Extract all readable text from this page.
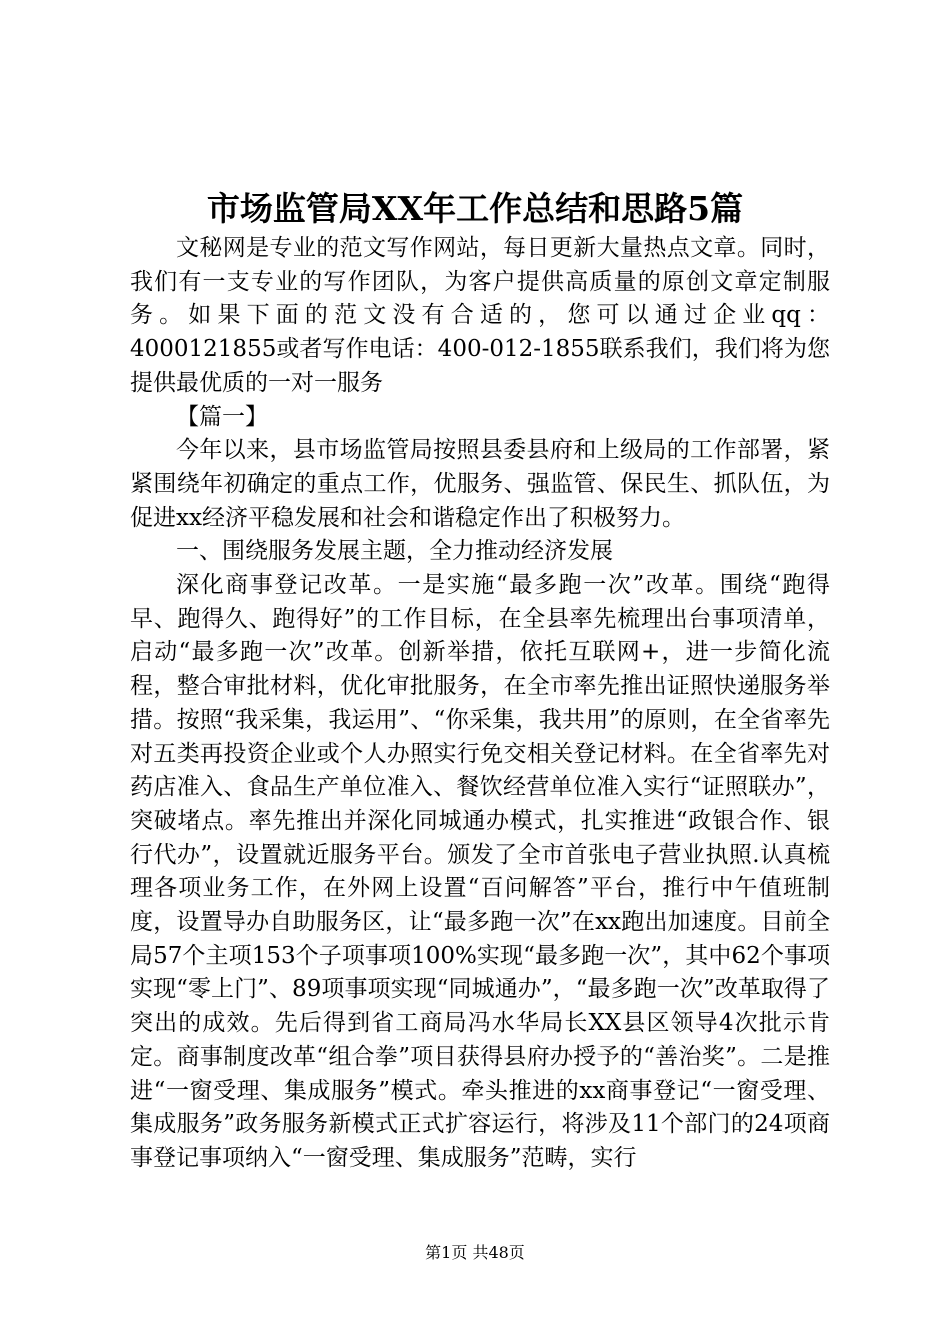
市场监管局XX年工作总结和思路5篇

文秘网是专业的范文写作网站，每日更新大量热点文章。同时，我们有一支专业的写作团队，为客户提供高质量的原创文章定制服务。如果下面的范文没有合适的，您可以通过企业qq：4000121855或者写作电话：400-012-1855联系我们，我们将为您提供最优质的一对一服务

【篇一】

今年以来，县市场监管局按照县委县府和上级局的工作部署，紧紧围绕年初确定的重点工作，优服务、强监管、保民生、抓队伍，为促进xx经济平稳发展和社会和谐稳定作出了积极努力。

一、围绕服务发展主题，全力推动经济发展

深化商事登记改革。一是实施“最多跑一次”改革。围绕“跑得早、跑得久、跑得好”的工作目标，在全县率先梳理出台事项清单，启动“最多跑一次”改革。创新举措，依托互联网+，进一步简化流程，整合审批材料，优化审批服务，在全市率先推出证照快递服务举措。按照“我采集，我运用”、“你采集，我共用”的原则，在全省率先对五类再投资企业或个人办照实行免交相关登记材料。在全省率先对药店准入、食品生产单位准入、餐饮经营单位准入实行“证照联办”，突破堵点。率先推出并深化同城通办模式，扎实推进“政银合作、银行代办”，设置就近服务平台。颁发了全市首张电子营业执照.认真梳理各项业务工作，在外网上设置“百问解答”平台，推行中午值班制度，设置导办自助服务区，让“最多跑一次”在xx跑出加速度。目前全局57个主项153个子项事项100%实现“最多跑一次”，其中62个事项实现“零上门”、89项事项实现“同城通办”，“最多跑一次”改革取得了突出的成效。先后得到省工商局冯水华局长XX县区领导4次批示肯定。商事制度改革“组合拳”项目获得县府办授予的“善治奖”。二是推进“一窗受理、集成服务”模式。牵头推进的xx商事登记“一窗受理、集成服务”政务服务新模式正式扩容运行，将涉及11个部门的24项商事登记事项纳入“一窗受理、集成服务”范畴，实行

第1页 共48页
